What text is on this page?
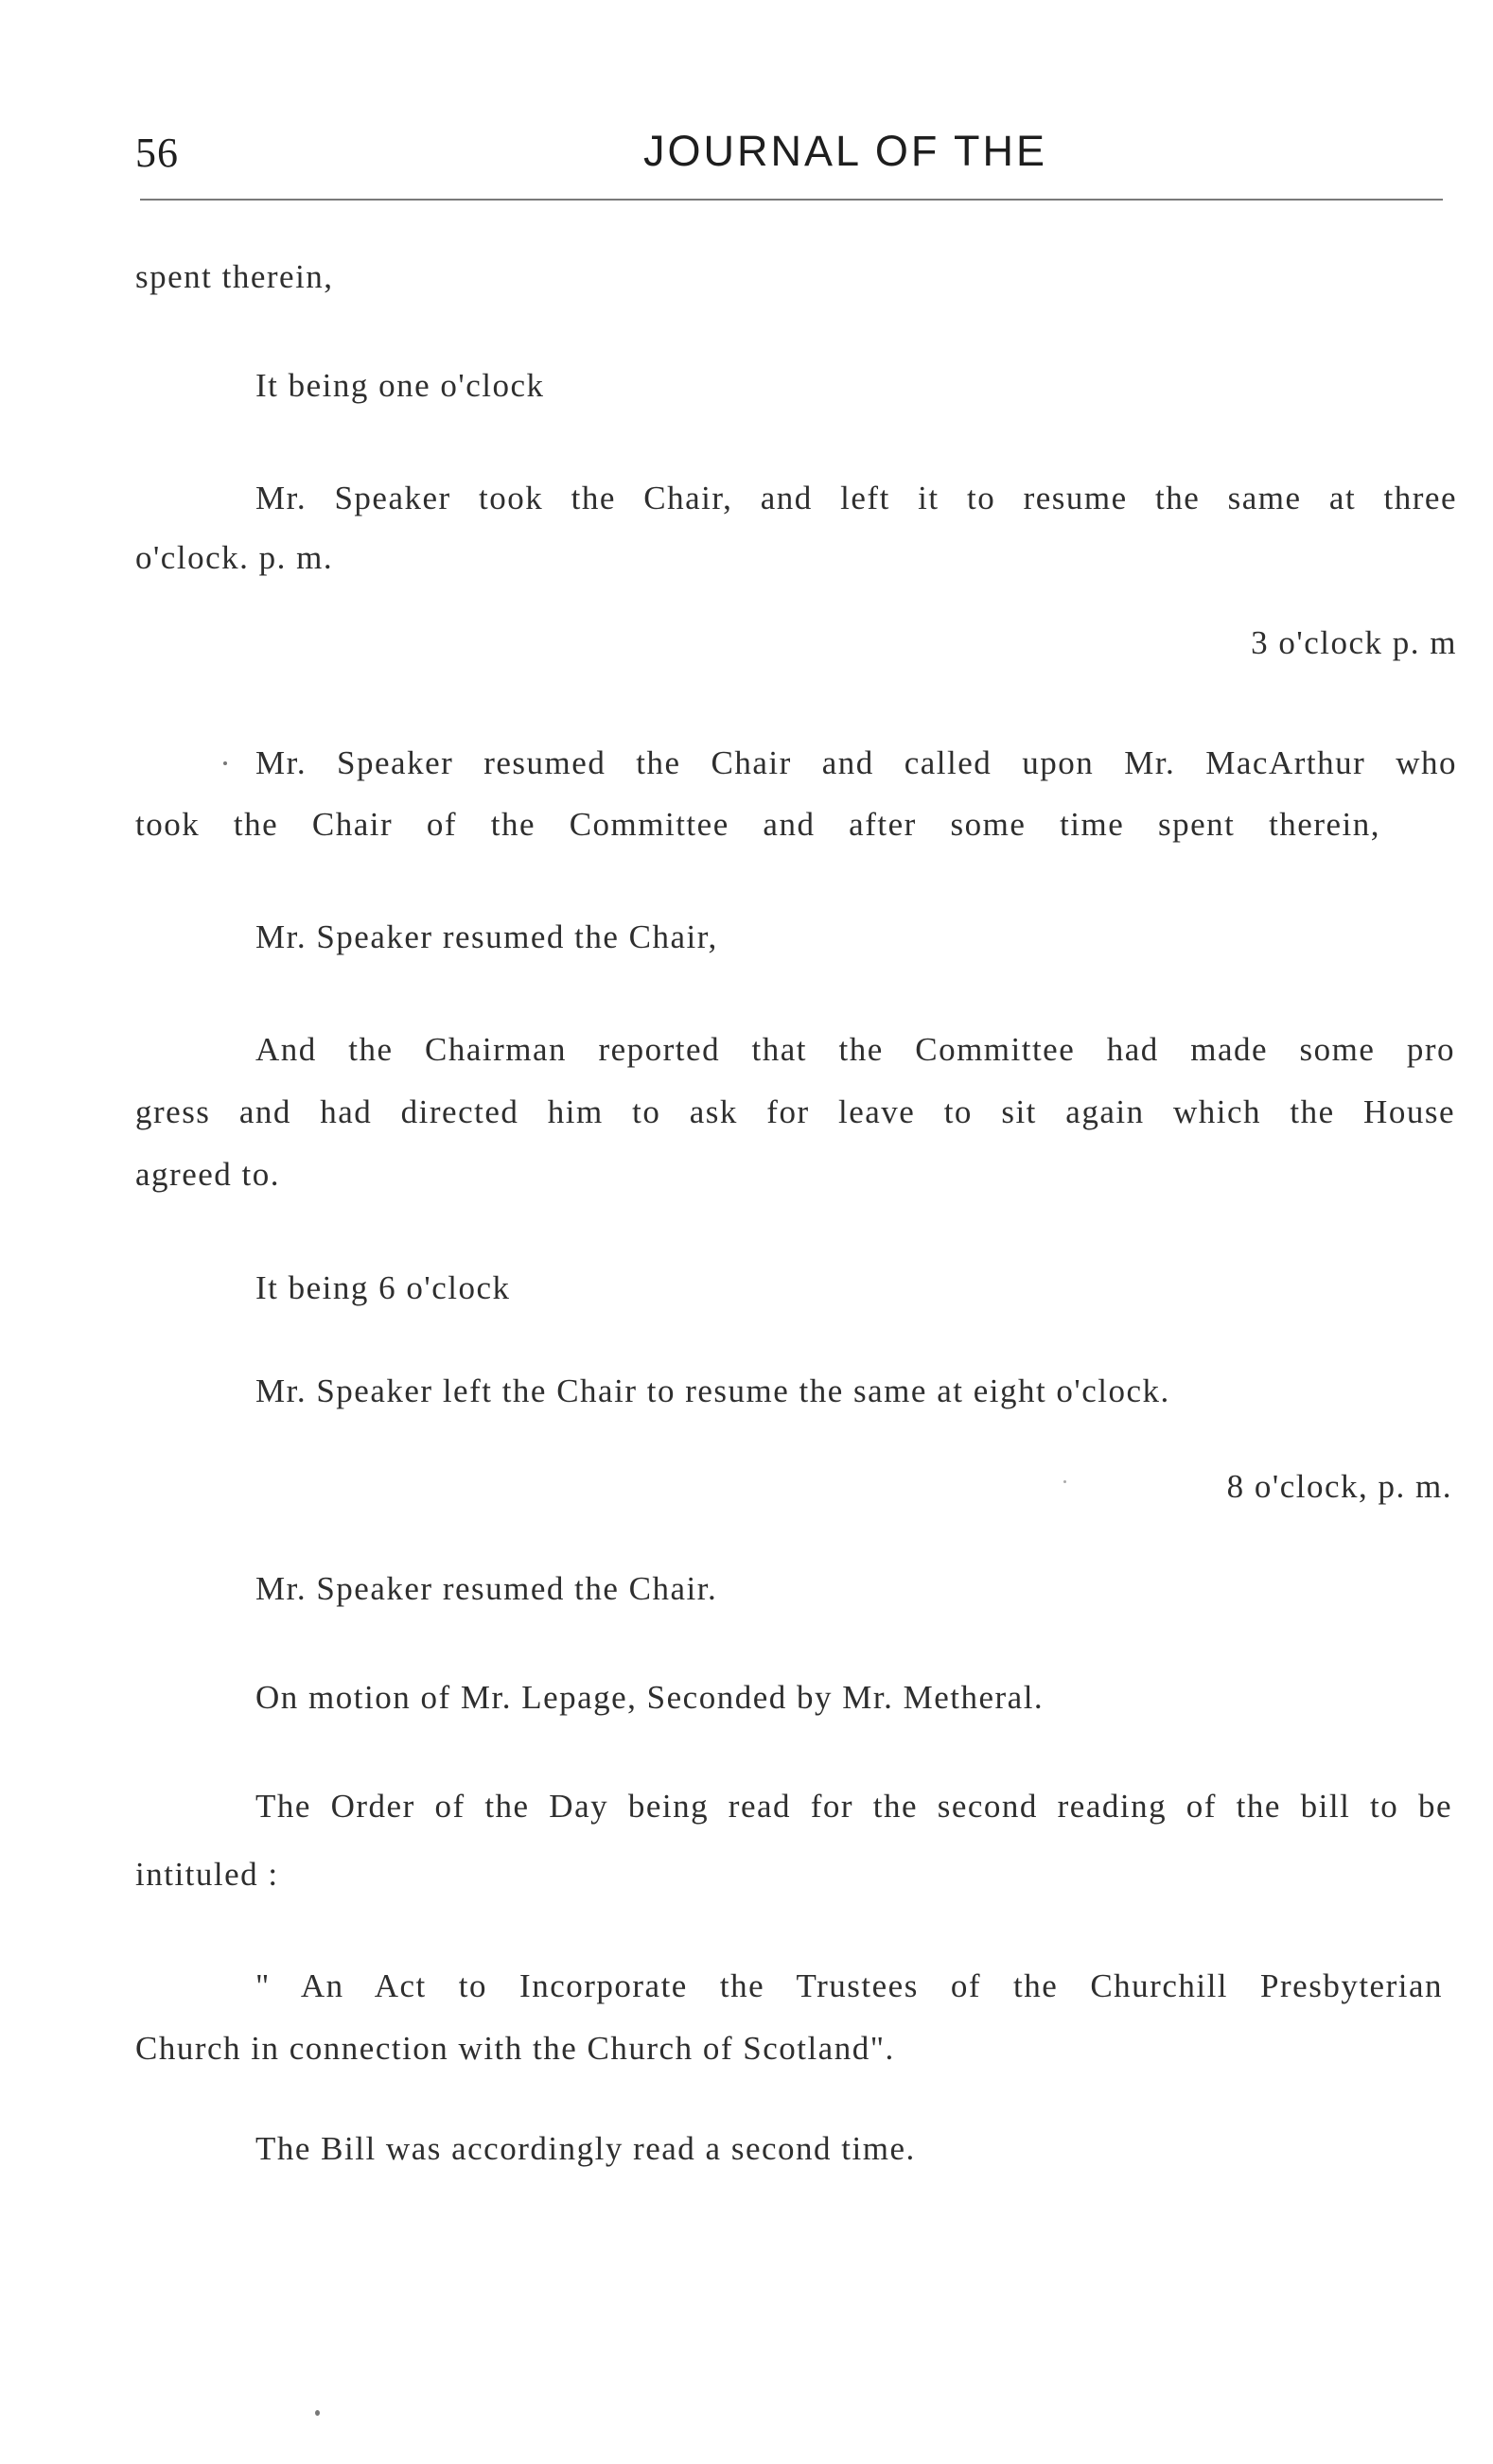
56	JOURNAL OF THE
spent therein,
It being one o'clock
Mr. Speaker took the Chair, and left it to resume the same at three
o'clock. p. m.
3 o'clock p. m
Mr. Speaker resumed the Chair and called upon Mr. MacArthur who
took the Chair of the Committee and after some time spent therein,
Mr. Speaker resumed the Chair,
And the Chairman reported that the Committee had made some pro
gress and had directed him to ask for leave to sit again which the House
agreed to.
It being 6 o'clock
Mr. Speaker left the Chair to resume the same at eight o'clock.
8 o'clock, p. m.
Mr. Speaker resumed the Chair.
On motion of Mr. Lepage, Seconded by Mr. Metheral.
The Order of the Day being read for the second reading of the bill to be
intituled :
" An Act to Incorporate the Trustees of the Churchill Presbyterian
Church in connection with the Church of Scotland".
The Bill was accordingly read a second time.
